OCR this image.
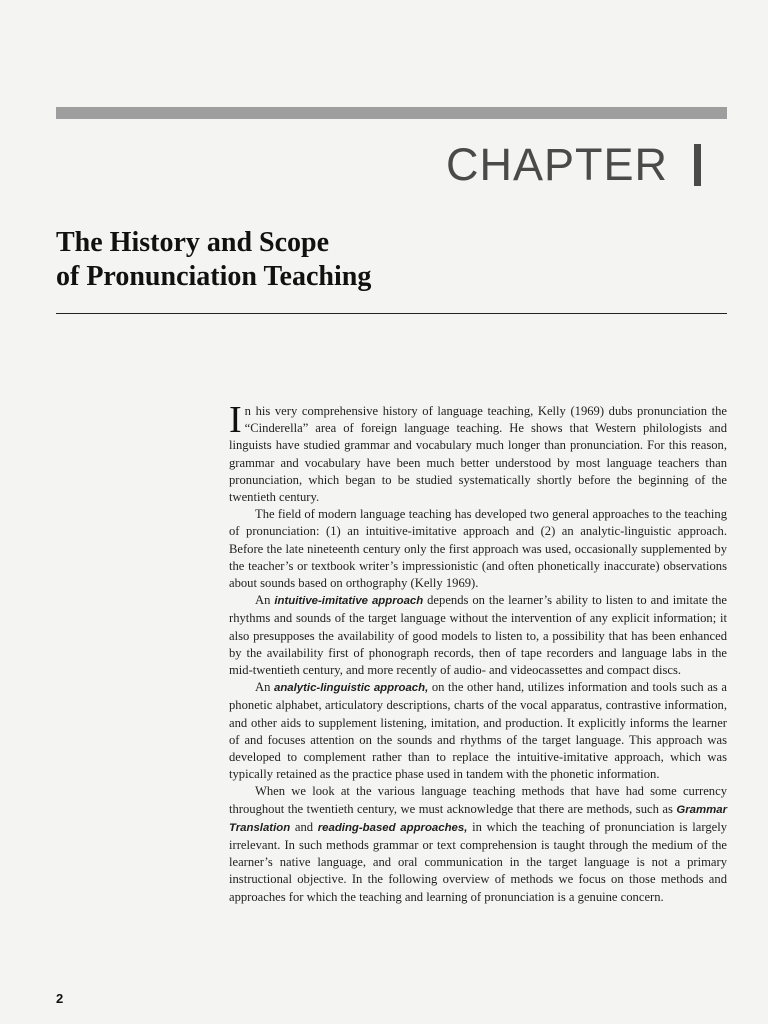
CHAPTER
The History and Scope
of Pronunciation Teaching

In his very comprehensive history of language teaching, Kelly (1969) dubs pronunciation the “Cinderella” area of foreign language teaching. He shows that Western philologists and linguists have studied grammar and vocabulary much longer than pronunciation. For this reason, grammar and vocabulary have been much better understood by most language teachers than pronunciation, which began to be studied systematically shortly before the beginning of the twentieth century.

The field of modern language teaching has developed two general approaches to the teaching of pronunciation: (1) an intuitive-imitative approach and (2) an analytic-linguistic approach. Before the late nineteenth century only the first approach was used, occasionally supplemented by the teacher’s or textbook writer’s impressionistic (and often phonetically inaccurate) observations about sounds based on orthography (Kelly 1969).

An intuitive-imitative approach depends on the learner’s ability to listen to and imitate the rhythms and sounds of the target language without the intervention of any explicit information; it also presupposes the availability of good models to listen to, a possibility that has been enhanced by the availability first of phonograph records, then of tape recorders and language labs in the mid-twentieth century, and more recently of audio- and videocassettes and compact discs.

An analytic-linguistic approach, on the other hand, utilizes information and tools such as a phonetic alphabet, articulatory descriptions, charts of the vocal apparatus, contrastive information, and other aids to supplement listening, imitation, and production. It explicitly informs the learner of and focuses attention on the sounds and rhythms of the target language. This approach was developed to complement rather than to replace the intuitive-imitative approach, which was typically retained as the practice phase used in tandem with the phonetic information.

When we look at the various language teaching methods that have had some currency throughout the twentieth century, we must acknowledge that there are methods, such as Grammar Translation and reading-based approaches, in which the teaching of pronunciation is largely irrelevant. In such methods grammar or text comprehension is taught through the medium of the learner’s native language, and oral communication in the target language is not a primary instructional objective. In the following overview of methods we focus on those methods and approaches for which the teaching and learning of pronunciation is a genuine concern.

2
